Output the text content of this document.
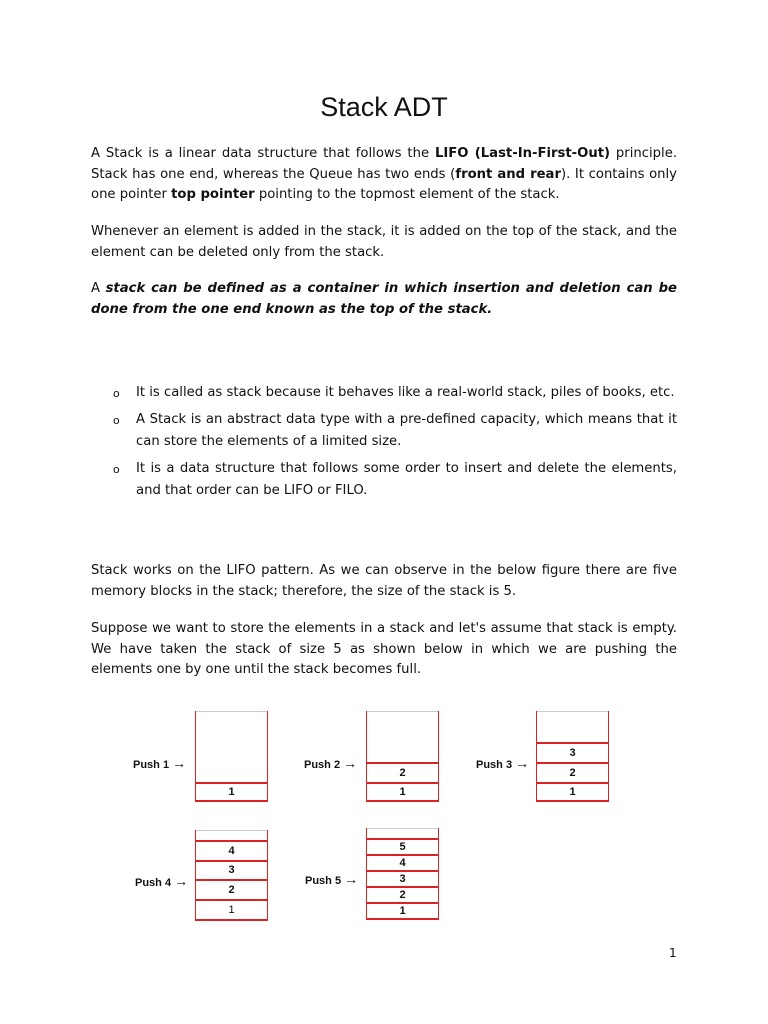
Stack ADT

A Stack is a linear data structure that follows the LIFO (Last-In-First-Out) principle. Stack has one end, whereas the Queue has two ends (front and rear). It contains only one pointer top pointer pointing to the topmost element of the stack.

Whenever an element is added in the stack, it is added on the top of the stack, and the element can be deleted only from the stack.

A stack can be defined as a container in which insertion and deletion can be done from the one end known as the top of the stack.

o It is called as stack because it behaves like a real-world stack, piles of books, etc.
o A Stack is an abstract data type with a pre-defined capacity, which means that it can store the elements of a limited size.
o It is a data structure that follows some order to insert and delete the elements, and that order can be LIFO or FILO.

Stack works on the LIFO pattern. As we can observe in the below figure there are five memory blocks in the stack; therefore, the size of the stack is 5.

Suppose we want to store the elements in a stack and let's assume that stack is empty. We have taken the stack of size 5 as shown below in which we are pushing the elements one by one until the stack becomes full.

Push 1 →
1
Push 2 →
2
1
Push 3 →
3
2
1
Push 4 →
4
3
2
1
Push 5 →
5
4
3
2
1
1
